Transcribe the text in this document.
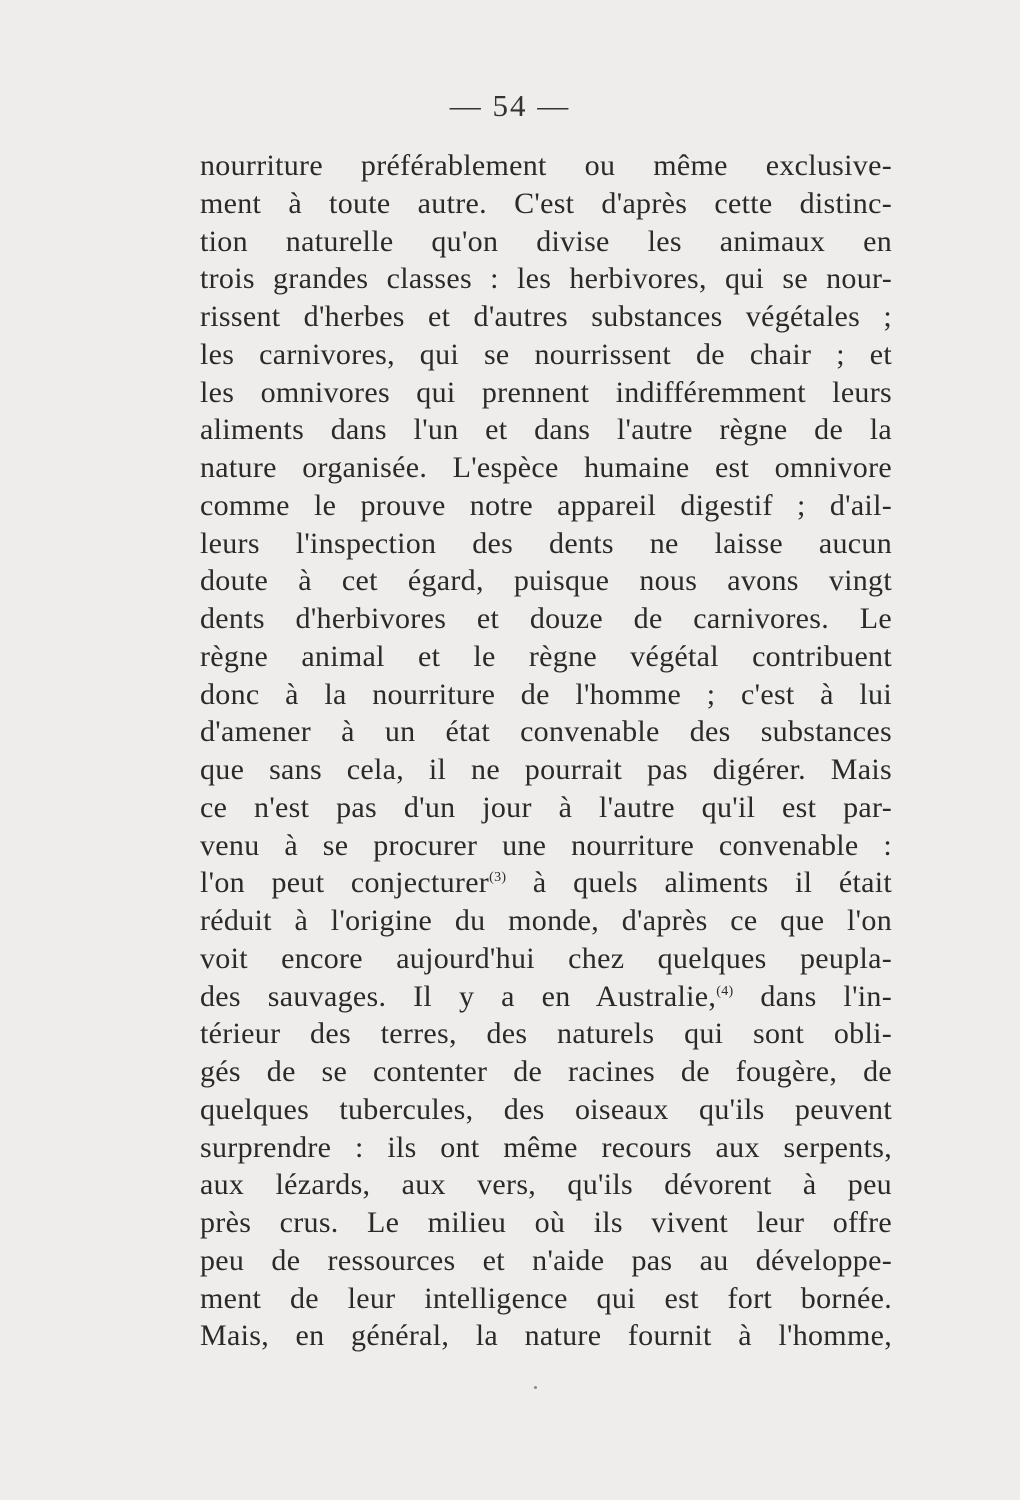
— 54 —
nourriture préférablement ou même exclusive-
ment à toute autre. C'est d'après cette distinc-
tion naturelle qu'on divise les animaux en
trois grandes classes : les herbivores, qui se nour-
rissent d'herbes et d'autres substances végétales ;
les carnivores, qui se nourrissent de chair ; et
les omnivores qui prennent indifféremment leurs
aliments dans l'un et dans l'autre règne de la
nature organisée. L'espèce humaine est omnivore
comme le prouve notre appareil digestif ; d'ail-
leurs l'inspection des dents ne laisse aucun
doute à cet égard, puisque nous avons vingt
dents d'herbivores et douze de carnivores. Le
règne animal et le règne végétal contribuent
donc à la nourriture de l'homme ; c'est à lui
d'amener à un état convenable des substances
que sans cela, il ne pourrait pas digérer. Mais
ce n'est pas d'un jour à l'autre qu'il est par-
venu à se procurer une nourriture convenable :
l'on peut conjecturer$^{(3)}$ à quels aliments il était
réduit à l'origine du monde, d'après ce que l'on
voit encore aujourd'hui chez quelques peupla-
des sauvages. Il y a en Australie,$^{(4)}$ dans l'in-
térieur des terres, des naturels qui sont obli-
gés de se contenter de racines de fougère, de
quelques tubercules, des oiseaux qu'ils peuvent
surprendre : ils ont même recours aux serpents,
aux lézards, aux vers, qu'ils dévorent à peu
près crus. Le milieu où ils vivent leur offre
peu de ressources et n'aide pas au développe-
ment de leur intelligence qui est fort bornée.
Mais, en général, la nature fournit à l'homme,
